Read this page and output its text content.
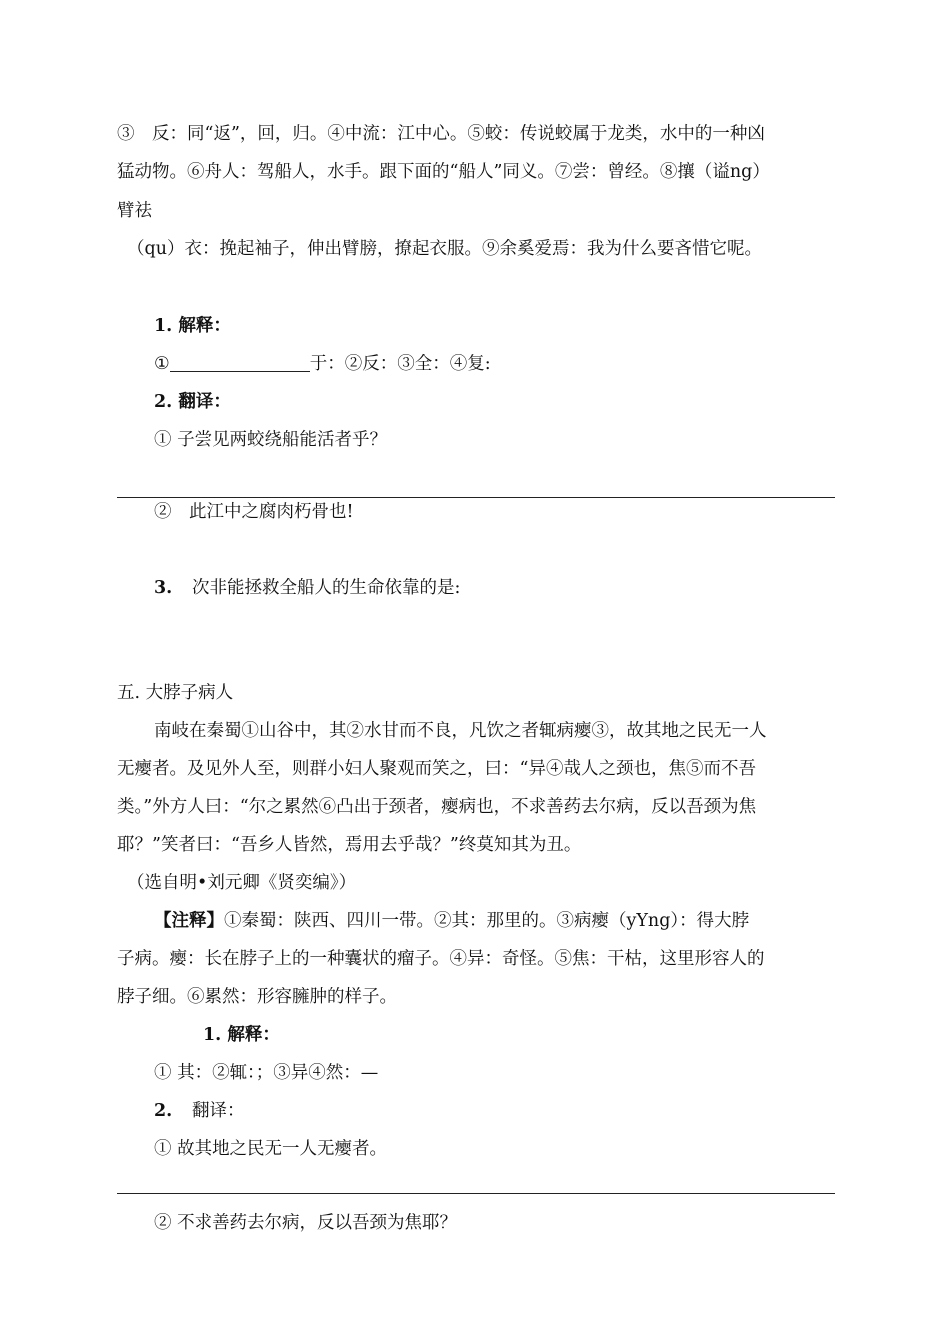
③　反：同“返”，回，归。④中流：江中心。⑤蛟：传说蛟属于龙类，水中的一种凶
猛动物。⑥舟人：驾船人，水手。跟下面的“船人”同义。⑦尝：曾经。⑧攘（谥ng）
臂祛
（qu）衣：挽起袖子，伸出臂膀，撩起衣服。⑨余奚爱焉：我为什么要吝惜它呢。
1. 解释：
①	于：②反：③全：④复:
2. 翻译：
① 子尝见两蛟绕船能活者乎？
②　此江中之腐肉朽骨也!
3. 次非能拯救全船人的生命依靠的是:
五. 大脖子病人
南岐在秦蜀①山谷中，其②水甘而不良，凡饮之者辄病瘿③，故其地之民无一人
无瘿者。及见外人至，则群小妇人聚观而笑之，曰：“异④哉人之颈也，焦⑤而不吾
类。”外方人曰：“尔之累然⑥凸出于颈者，瘿病也，不求善药去尔病，反以吾颈为焦
耶？”笑者曰：“吾乡人皆然，焉用去乎哉？”终莫知其为丑。
（选自明•刘元卿《贤奕编》）
【注释】①秦蜀：陕西、四川一带。②其：那里的。③病瘿（yYng）：得大脖
子病。瘿：长在脖子上的一种囊状的瘤子。④异：奇怪。⑤焦：干枯，这里形容人的
脖子细。⑥累然：形容臃肿的样子。
1. 解释：
① 其：②辄：；③异④然：—
2. 翻译：
① 故其地之民无一人无瘿者。
② 不求善药去尔病，反以吾颈为焦耶？
